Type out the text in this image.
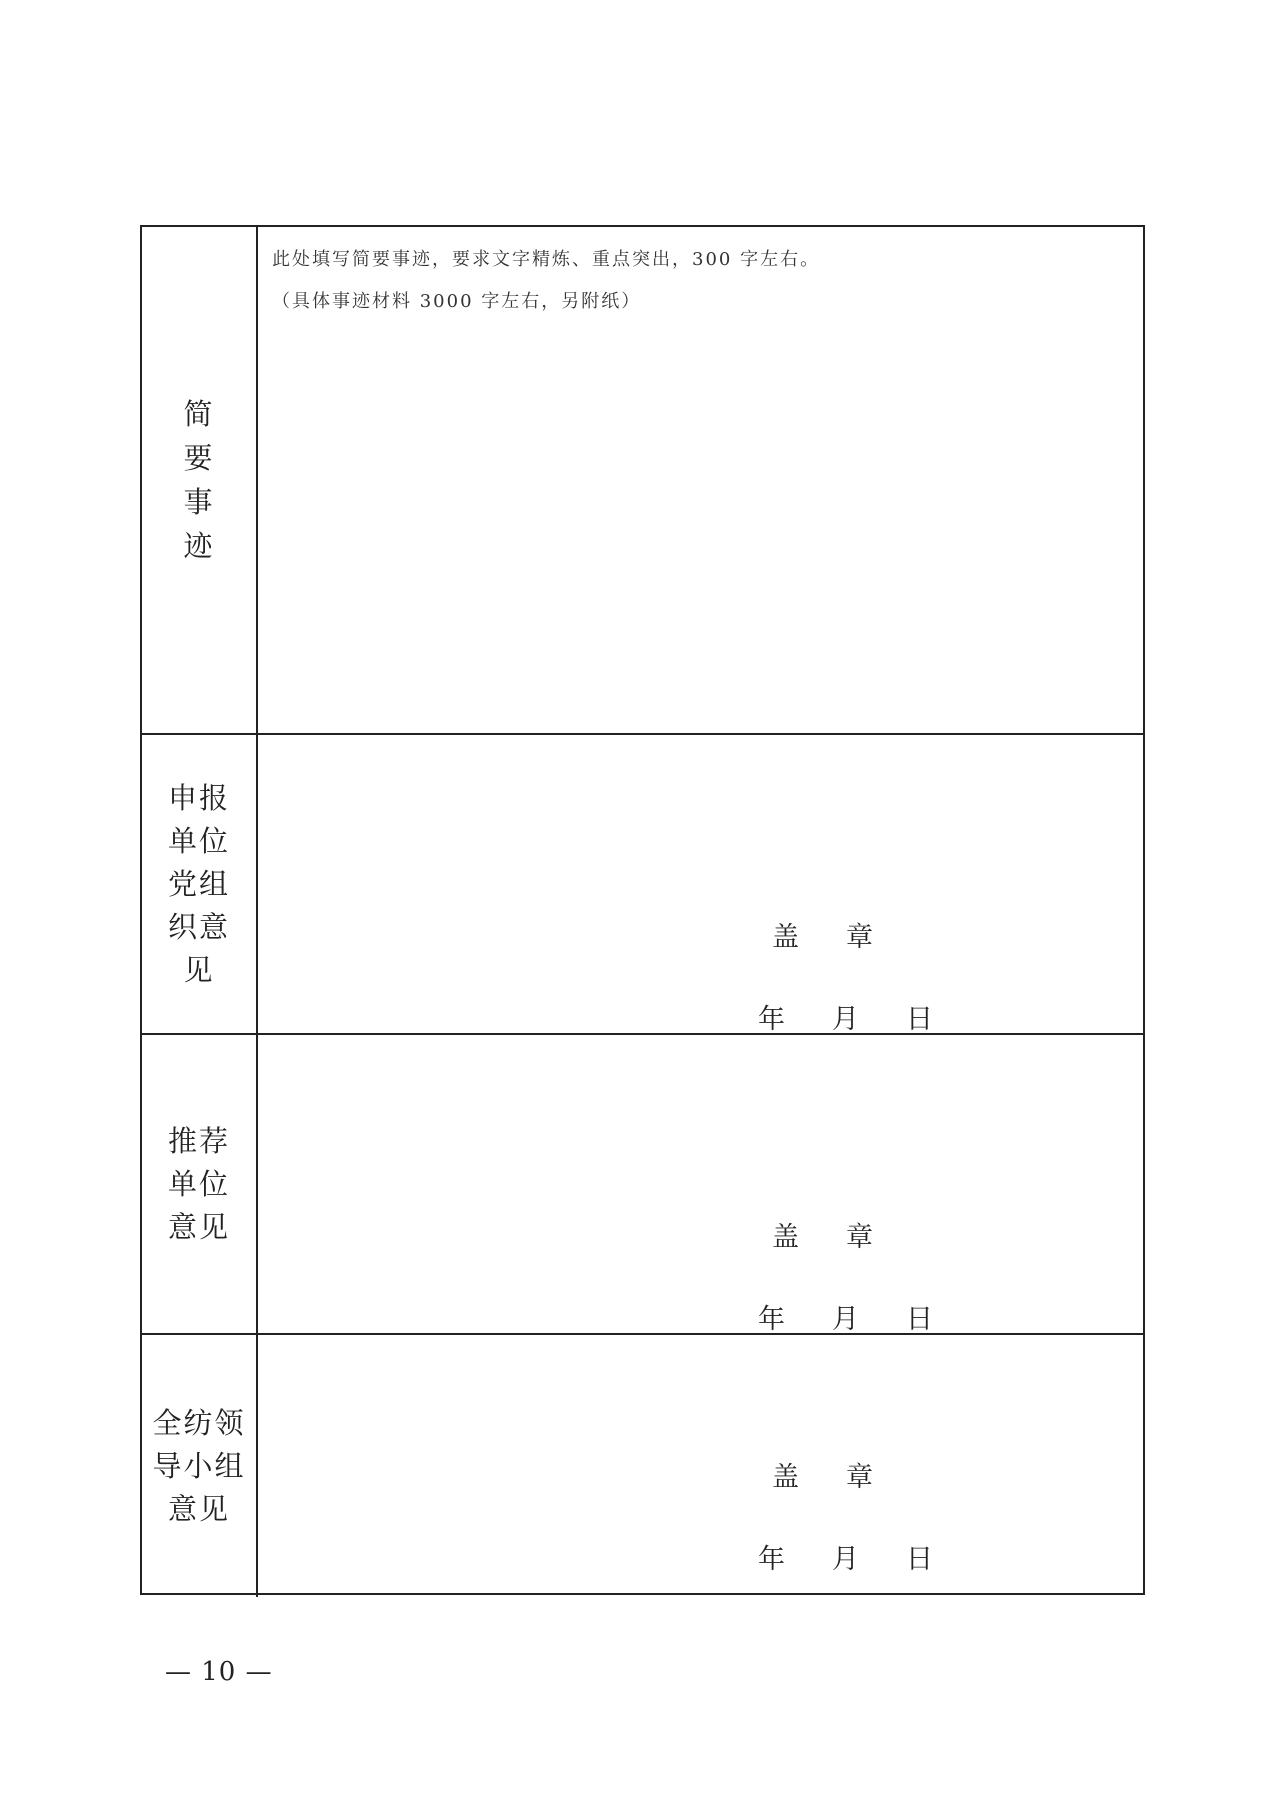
简
要
事
迹
此处填写简要事迹，要求文字精炼、重点突出，300 字左右。
（具体事迹材料 3000 字左右，另附纸）
申报
单位
党组
织意
见
盖 章
年 月 日
推荐
单位
意见	盖 章
年 月 日
全纺领
导小组
意见
盖 章
年 月 日
— 10 —
